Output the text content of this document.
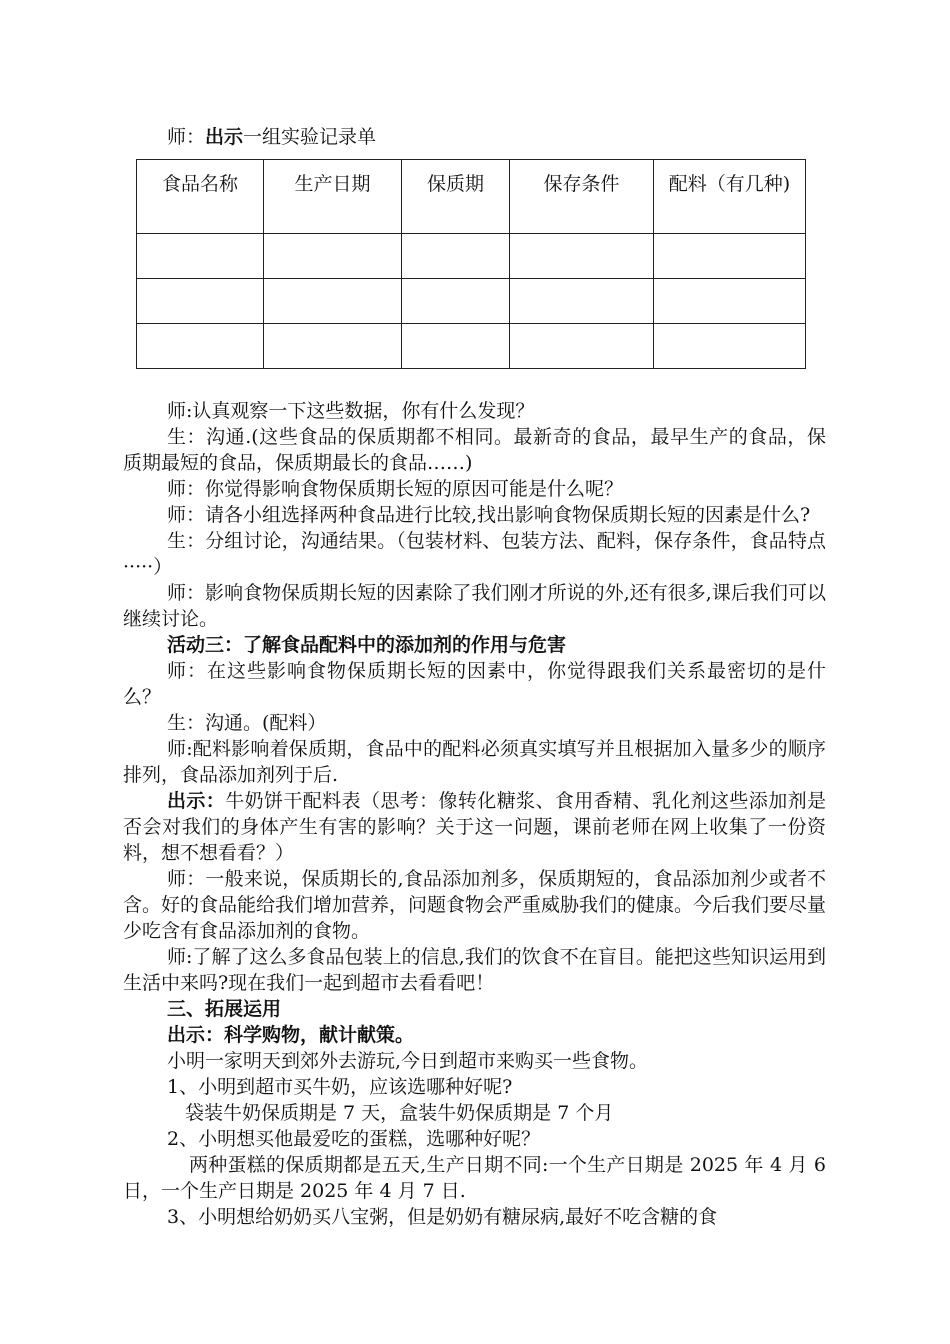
师：出示一组实验记录单
食品名称	生产日期	保质期	保存条件	配料（有几种)

师:认真观察一下这些数据，你有什么发现？

生：沟通.(这些食品的保质期都不相同。最新奇的食品，最早生产的食品，保质期最短的食品，保质期最长的食品……)

师：你觉得影响食物保质期长短的原因可能是什么呢？

师：请各小组选择两种食品进行比较,找出影响食物保质期长短的因素是什么?

生：分组讨论，沟通结果。（包装材料、包装方法、配料，保存条件，食品特点·····）

师：影响食物保质期长短的因素除了我们刚才所说的外,还有很多,课后我们可以继续讨论。

活动三：了解食品配料中的添加剂的作用与危害

师：在这些影响食物保质期长短的因素中，你觉得跟我们关系最密切的是什么？

生：沟通。(配料）

师:配料影响着保质期，食品中的配料必须真实填写并且根据加入量多少的顺序排列，食品添加剂列于后.

出示：牛奶饼干配料表（思考：像转化糖浆、食用香精、乳化剂这些添加剂是否会对我们的身体产生有害的影响？关于这一问题，课前老师在网上收集了一份资料，想不想看看？）

师：一般来说，保质期长的,食品添加剂多，保质期短的，食品添加剂少或者不含。好的食品能给我们增加营养，问题食物会严重威胁我们的健康。今后我们要尽量少吃含有食品添加剂的食物。

师:了解了这么多食品包装上的信息,我们的饮食不在盲目。能把这些知识运用到生活中来吗?现在我们一起到超市去看看吧！

三、拓展运用

出示：科学购物，献计献策。

小明一家明天到郊外去游玩,今日到超市来购买一些食物。

1、小明到超市买牛奶，应该选哪种好呢?

袋装牛奶保质期是 7 天，盒装牛奶保质期是 7 个月

2、小明想买他最爱吃的蛋糕，选哪种好呢？

两种蛋糕的保质期都是五天,生产日期不同:一个生产日期是 2025 年 4 月 6 日，一个生产日期是 2025 年 4 月 7 日.

3、小明想给奶奶买八宝粥，但是奶奶有糖尿病,最好不吃含糖的食
